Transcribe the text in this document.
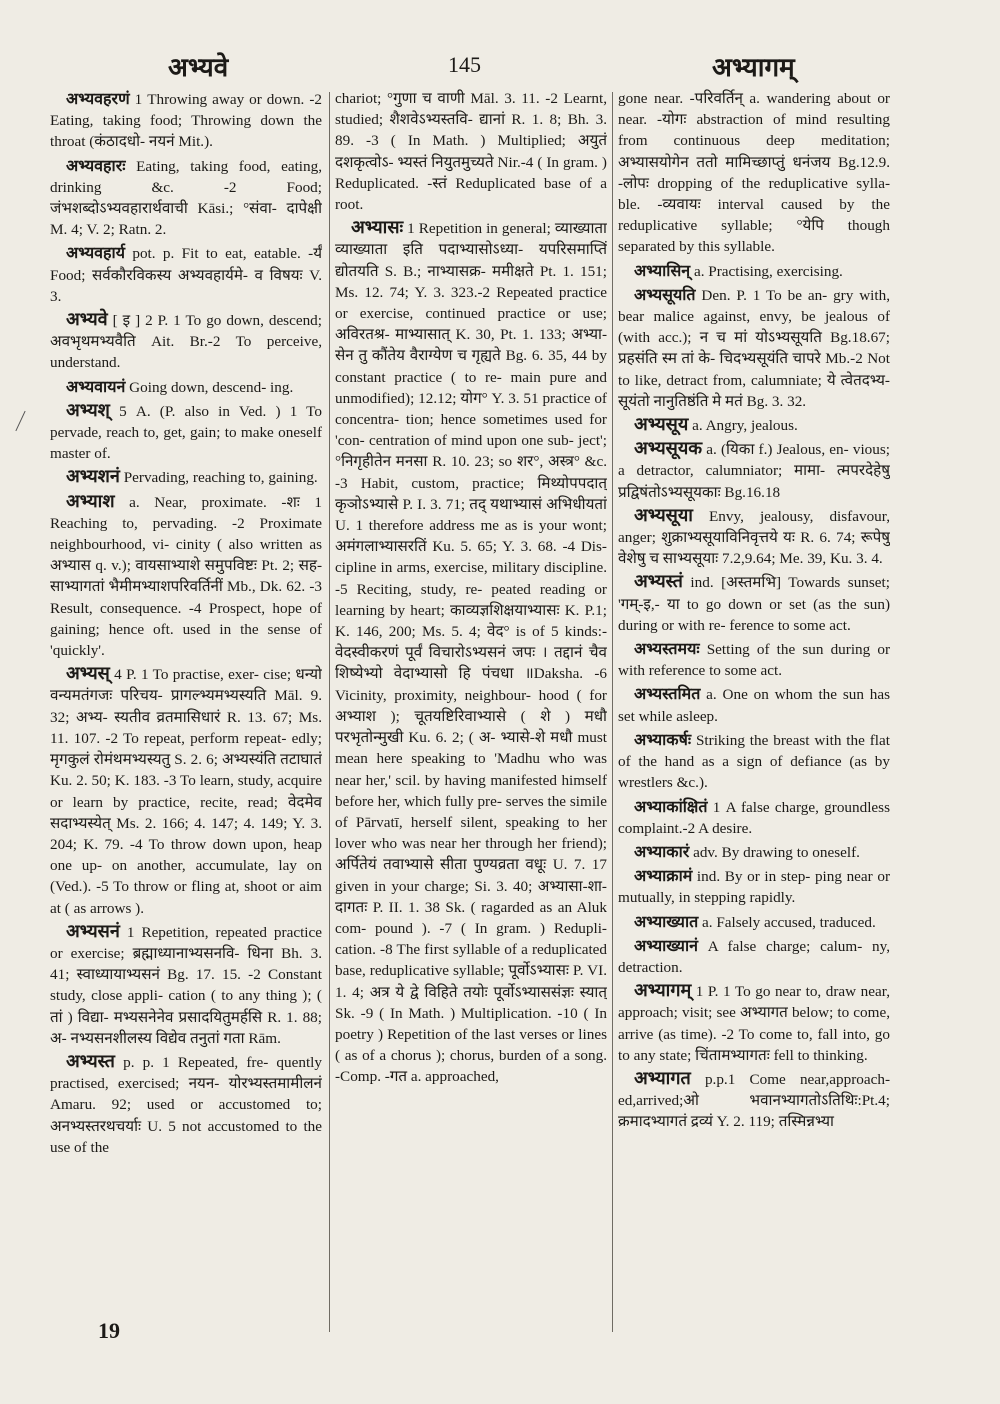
अभ्यवे	145	अभ्यागम्

अभ्यवहरणं 1 Throwing away or down. -2 Eating, taking food; Throwing down the throat (कंठादधो- नयनं Mit.).

अभ्यवहारः Eating, taking food, eating, drinking &c. -2 Food; जंभशब्दोऽभ्यवहारार्थवाची Kāsi.; °संवा- दापेक्षी M. 4; V. 2; Ratn. 2.

अभ्यवहार्य pot. p. Fit to eat, eatable. -र्यं Food; सर्वकौरविकस्य अभ्यवहार्यमे- व विषयः V. 3.

अभ्यवे [ इ ] 2 P. 1 To go down, descend; अवभृथमभ्यवैति Ait. Br.-2 To perceive, understand.

अभ्यवायनं Going down, descend- ing.

अभ्यश् 5 A. (P. also in Ved. ) 1 To pervade, reach to, get, gain; to make oneself master of.

अभ्यशनं Pervading, reaching to, gaining.

अभ्याश a. Near, proximate. -शः 1 Reaching to, pervading. -2 Proximate neighbourhood, vi- cinity ( also written as अभ्यास q. v.); वायसाभ्याशे समुपविष्टः Pt. 2; सह- साभ्यागतां भैमीमभ्याशपरिवर्तिनीं Mb., Dk. 62. -3 Result, consequence. -4 Prospect, hope of gaining; hence oft. used in the sense of 'quickly'.

अभ्यस् 4 P. 1 To practise, exer- cise; धन्यो वन्यमतंगजः परिचय- प्रागल्भ्यमभ्यस्यति Māl. 9. 32; अभ्य- स्यतीव व्रतमासिधारं R. 13. 67; Ms. 11. 107. -2 To repeat, perform repeat- edly; मृगकुलं रोमंथमभ्यस्यतु S. 2. 6; अभ्यस्यंति तटाघातं Ku. 2. 50; K. 183. -3 To learn, study, acquire or learn by practice, recite, read; वेदमेव सदाभ्यस्येत् Ms. 2. 166; 4. 147; 4. 149; Y. 3. 204; K. 79. -4 To throw down upon, heap one up- on another, accumulate, lay on (Ved.). -5 To throw or fling at, shoot or aim at ( as arrows ).

अभ्यसनं 1 Repetition, repeated practice or exercise; ब्रह्माध्यानाभ्यसनवि- धिना Bh. 3. 41; स्वाध्यायाभ्यसनं Bg. 17. 15. -2 Constant study, close appli- cation ( to any thing ); ( तां ) विद्या- मभ्यसनेनेव प्रसादयितुमर्हसि R. 1. 88; अ- नभ्यसनशीलस्य विद्येव तनुतां गता Rām.

अभ्यस्त p. p. 1 Repeated, fre- quently practised, exercised; नयन- योरभ्यस्तमामीलनं Amaru. 92; used or accustomed to; अनभ्यस्तरथचर्याः U. 5 not accustomed to the use of the

chariot; °गुणा च वाणी Māl. 3. 11. -2 Learnt, studied; शैशवेऽभ्यस्तवि- द्यानां R. 1. 8; Bh. 3. 89. -3 ( In Math. ) Multiplied; अयुतं दशकृत्वोऽ- भ्यस्तं नियुतमुच्यते Nir.-4 ( In gram. ) Reduplicated. -स्तं Reduplicated base of a root.

अभ्यासः 1 Repetition in general; व्याख्याता व्याख्याता इति पदाभ्यासोऽध्या- यपरिसमाप्तिं द्योतयति S. B.; नाभ्यासक्र- ममीक्षते Pt. 1. 151; Ms. 12. 74; Y. 3. 323.-2 Repeated practice or exercise, continued practice or use; अविरतश्र- माभ्यासात् K. 30, Pt. 1. 133; अभ्या- सेन तु कौंतेय वैराग्येण च गृह्यते Bg. 6. 35, 44 by constant practice ( to re- main pure and unmodified); 12.12; योग° Y. 3. 51 practice of concentra- tion; hence sometimes used for 'con- centration of mind upon one sub- ject'; °निगृहीतेन मनसा R. 10. 23; so शर°, अस्त्र° &c. -3 Habit, custom, practice; मिथ्योपपदात् कृञोऽभ्यासे P. I. 3. 71; तद् यथाभ्यासं अभिधीयतां U. 1 therefore address me as is your wont; अमंगलाभ्यासरतिं Ku. 5. 65; Y. 3. 68. -4 Dis- cipline in arms, exercise, military discipline. -5 Reciting, study, re- peated reading or learning by heart; काव्यज्ञशिक्षयाभ्यासः K. P.1; K. 146, 200; Ms. 5. 4; वेद° is of 5 kinds:- वेदस्वीकरणं पूर्वं विचारोऽभ्यसनं जपः । तद्दानं चैव शिष्येभ्यो वेदाभ्यासो हि पंचधा ॥Daksha. -6 Vicinity, proximity, neighbour- hood ( for अभ्याश ); चूतयष्टिरिवाभ्यासे ( शे ) मधौ परभृतोन्मुखी Ku. 6. 2; ( अ- भ्यासे-शे मधौ must mean here speaking to 'Madhu who was near her,' scil. by having manifested himself before her, which fully pre- serves the simile of Pārvatī, herself silent, speaking to her lover who was near her through her friend); अर्पितेयं तवाभ्यासे सीता पुण्यव्रता वधूः U. 7. 17 given in your charge; Si. 3. 40; अभ्यासा-शा-दागतः P. II. 1. 38 Sk. ( ragarded as an Aluk com- pound ). -7 ( In gram. ) Redupli- cation. -8 The first syllable of a reduplicated base, reduplicative syllable; पूर्वोऽभ्यासः P. VI. 1. 4; अत्र ये द्वे विहिते तयोः पूर्वोऽभ्याससंज्ञः स्यात् Sk. -9 ( In Math. ) Multiplication. -10 ( In poetry ) Repetition of the last verses or lines ( as of a chorus ); chorus, burden of a song. -Comp. -गत a. approached,

gone near. -परिवर्तिन् a. wandering about or near. -योगः abstraction of mind resulting from continuous deep meditation; अभ्यासयोगेन ततो मामिच्छाप्तुं धनंजय Bg.12.9. -लोपः dropping of the reduplicative sylla- ble. -व्यवायः interval caused by the reduplicative syllable; °येपि though separated by this syllable.

अभ्यासिन् a. Practising, exercising.

अभ्यसूयति Den. P. 1 To be an- gry with, bear malice against, envy, be jealous of (with acc.); न च मां योऽभ्यसूयति Bg.18.67; प्रहसंति स्म तां के- चिदभ्यसूयंति चापरे Mb.-2 Not to like, detract from, calumniate; ये त्वेतदभ्य- सूयंतो नानुतिष्ठंति मे मतं Bg. 3. 32.

अभ्यसूय a. Angry, jealous.

अभ्यसूयक a. (यिका f.) Jealous, en- vious; a detractor, calumniator; मामा- त्मपरदेहेषु प्रद्विषंतोऽभ्यसूयकाः Bg.16.18

अभ्यसूया Envy, jealousy, disfavour, anger; शुक्राभ्यसूयाविनिवृत्तये यः R. 6. 74; रूपेषु वेशेषु च साभ्यसूयाः 7.2,9.64; Me. 39, Ku. 3. 4.

अभ्यस्तं ind. [अस्तमभि] Towards sunset; 'गम्-इ,- या to go down or set (as the sun) during or with re- ference to some act.

अभ्यस्तमयः Setting of the sun during or with reference to some act.

अभ्यस्तमित a. One on whom the sun has set while asleep.

अभ्याकर्षः Striking the breast with the flat of the hand as a sign of defiance (as by wrestlers &c.).

अभ्याकांक्षितं 1 A false charge, groundless complaint.-2 A desire.

अभ्याकारं adv. By drawing to oneself.

अभ्याक्रामं ind. By or in step- ping near or mutually, in stepping rapidly.

अभ्याख्यात a. Falsely accused, traduced.

अभ्याख्यानं A false charge; calum- ny, detraction.

अभ्यागम् 1 P. 1 To go near to, draw near, approach; visit; see अभ्यागत below; to come, arrive (as time). -2 To come to, fall into, go to any state; चिंतामभ्यागतः fell to thinking.

अभ्यागत p.p.1 Come near,approach- ed,arrived;ओ भवानभ्यागतोऽतिथिः:Pt.4; क्रमादभ्यागतं द्रव्यं Y. 2. 119; तस्मिन्नभ्या

19
